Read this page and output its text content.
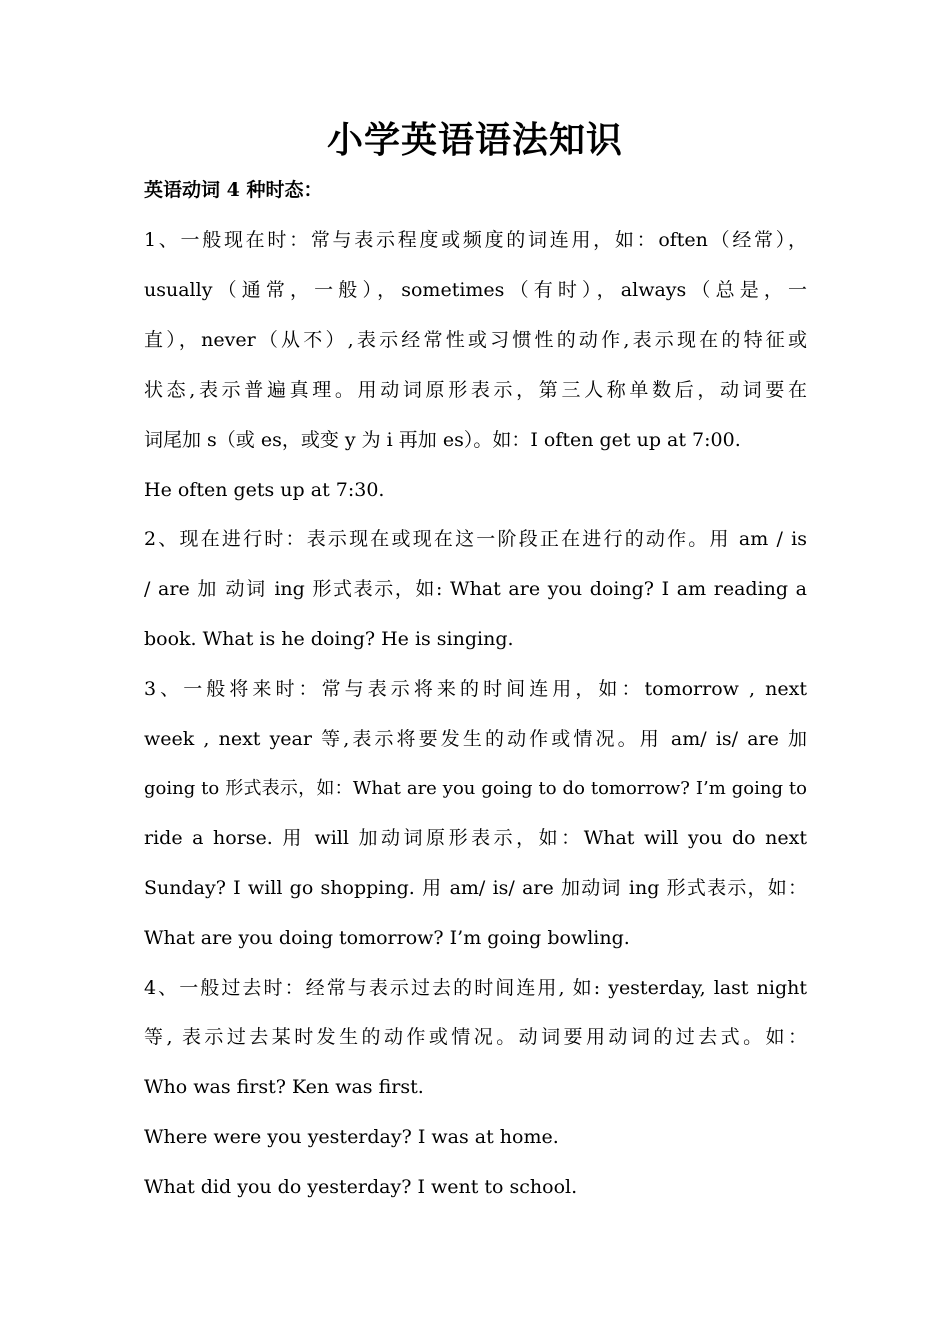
小学英语语法知识
英语动词 4 种时态：
1、一般现在时：常与表示程度或频度的词连用，如：often（经常），
usually（通常，一般），sometimes（有时），always（总是，一
直），never（从不）,表示经常性或习惯性的动作,表示现在的特征或
状态,表示普遍真理。用动词原形表示，第三人称单数后，动词要在
词尾加 s（或 es，或变 y 为 i 再加 es）。如：I often get up at 7:00.
He often gets up at 7:30.
2、现在进行时：表示现在或现在这一阶段正在进行的动作。用 am / is
/ are 加 动词 ing 形式表示，如: What are you doing? I am reading a
book. What is he doing? He is singing.
3、一般将来时：常与表示将来的时间连用，如：tomorrow , next
week , next year 等,表示将要发生的动作或情况。用 am/ is/ are 加
going to 形式表示，如：What are you going to do tomorrow? I’m going to
ride a horse. 用 will 加动词原形表示，如：What will you do next
Sunday? I will go shopping. 用 am/ is/ are 加动词 ing 形式表示，如：
What are you doing tomorrow? I’m going bowling.
4、一般过去时：经常与表示过去的时间连用, 如: yesterday, last night
等, 表示过去某时发生的动作或情况。动词要用动词的过去式。如：
Who was first? Ken was first.
Where were you yesterday? I was at home.
What did you do yesterday? I went to school.
